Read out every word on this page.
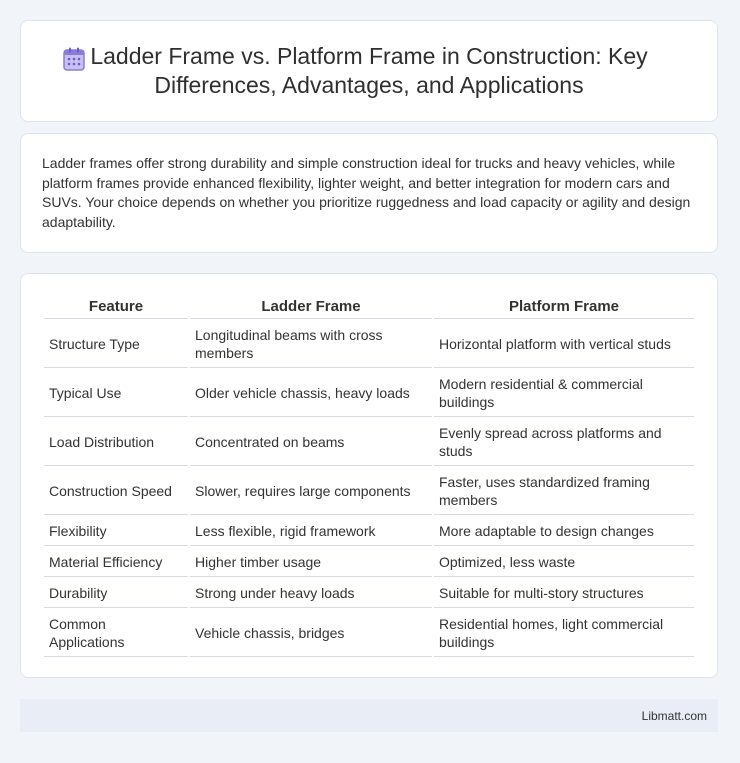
Ladder Frame vs. Platform Frame in Construction: Key Differences, Advantages, and Applications

Ladder frames offer strong durability and simple construction ideal for trucks and heavy vehicles, while platform frames provide enhanced flexibility, lighter weight, and better integration for modern cars and SUVs. Your choice depends on whether you prioritize ruggedness and load capacity or agility and design adaptability.

Feature	Ladder Frame	Platform Frame
Structure Type	Longitudinal beams with cross members	Horizontal platform with vertical studs
Typical Use	Older vehicle chassis, heavy loads	Modern residential & commercial buildings
Load Distribution	Concentrated on beams	Evenly spread across platforms and studs
Construction Speed	Slower, requires large components	Faster, uses standardized framing members
Flexibility	Less flexible, rigid framework	More adaptable to design changes
Material Efficiency	Higher timber usage	Optimized, less waste
Durability	Strong under heavy loads	Suitable for multi-story structures
Common Applications	Vehicle chassis, bridges	Residential homes, light commercial buildings
Libmatt.com
